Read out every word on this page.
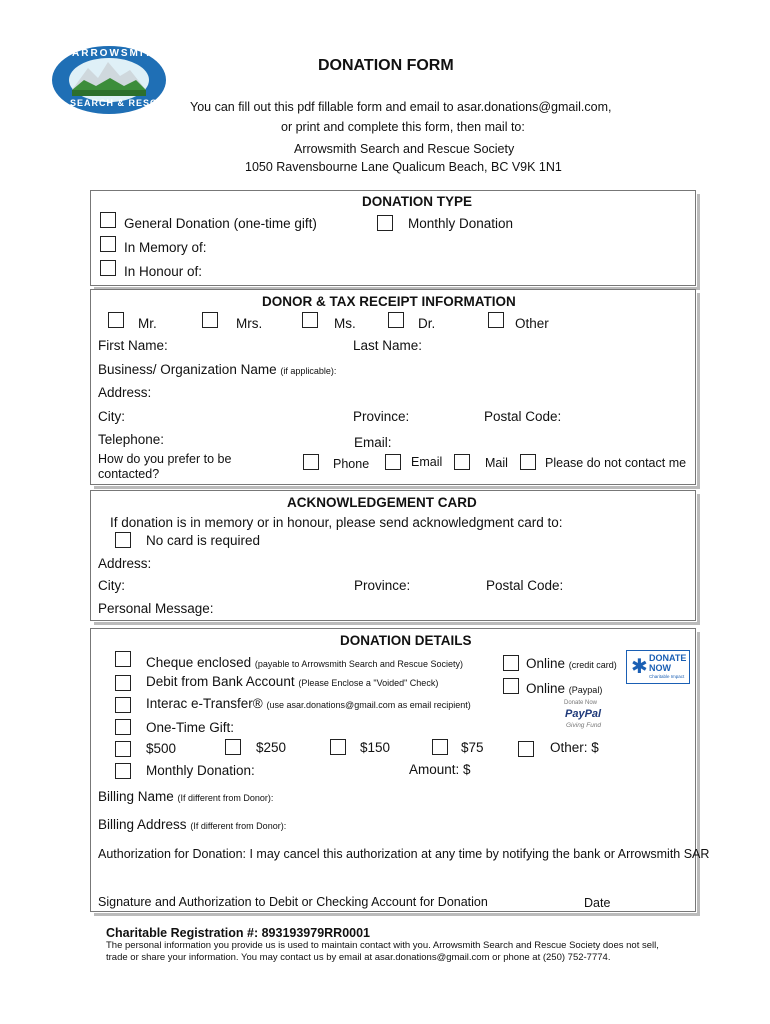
ARROWSMITH
SEARCH & RESCUE
DONATION FORM
You can fill out this pdf fillable form and email to asar.donations@gmail.com,
or print and complete this form, then mail to:
Arrowsmith Search and Rescue Society
1050 Ravensbourne Lane Qualicum Beach, BC V9K 1N1
DONATION TYPE
General Donation (one-time gift)	Monthly Donation
In Memory of:
In Honour of:
DONOR & TAX RECEIPT INFORMATION
Mr.	Mrs.	Ms.	Dr.	Other
First Name:	Last Name:
Business/ Organization Name (if applicable):
Address:
City:	Province:	Postal Code:
Telephone:	Email:
How do you prefer to be
contacted?
Phone	Email	Mail	Please do not contact me
ACKNOWLEDGEMENT CARD
If donation is in memory or in honour, please send acknowledgment card to:
No card is required
Address:
City:	Province:	Postal Code:
Personal Message:
DONATION DETAILS
Cheque enclosed (payable to Arrowsmith Search and Rescue Society)
Debit from Bank Account (Please Enclose a "Voided" Check)
Interac e-Transfer® (use asar.donations@gmail.com as email recipient)
Online (credit card)
Online (Paypal)
✱ DONATE NOW
Charitable Impact
Donate Now
PayPal
Giving Fund
One-Time Gift:
$500	$250	$150	$75	Other: $
Monthly Donation:	Amount: $
Billing Name (If different from Donor):
Billing Address (If different from Donor):
Authorization for Donation: I may cancel this authorization at any time by notifying the bank or Arrowsmith SAR
Signature and Authorization to Debit or Checking Account for Donation	Date
Charitable Registration #: 893193979RR0001
The personal information you provide us is used to maintain contact with you. Arrowsmith Search and Rescue Society does not sell,
trade or share your information. You may contact us by email at asar.donations@gmail.com or phone at (250) 752-7774.
